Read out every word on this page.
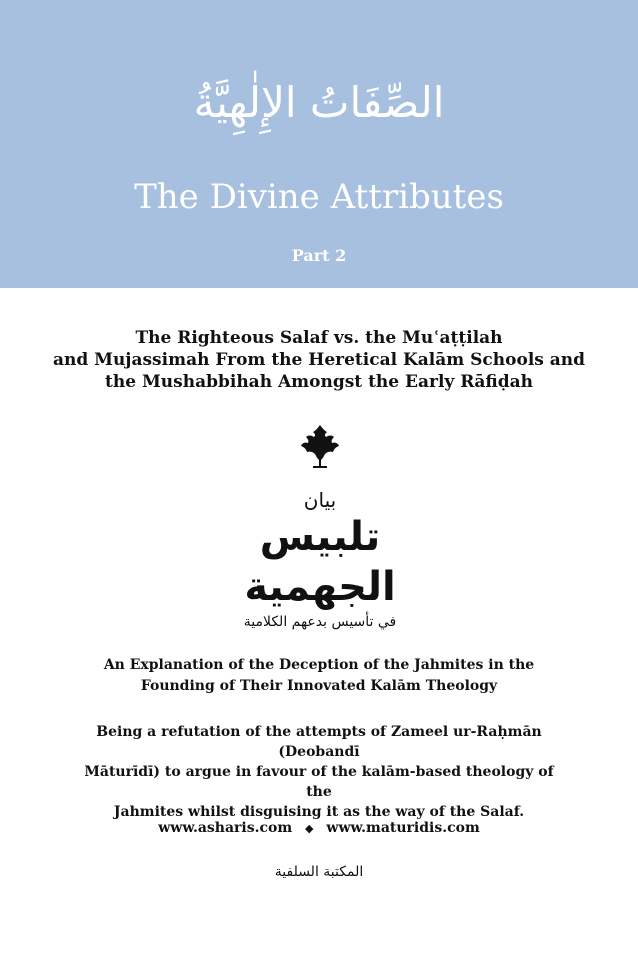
الصِّفَاتُ الإِلٰهِيَّةُ
The Divine Attributes
Part 2
The Righteous Salaf vs. the Muʿaṭṭilah
and Mujassimah From the Heretical Kalām Schools and
the Mushabbihah Amongst the Early Rāfiḍah
بيان
تلبيس الجهمية
في تأسيس بدعهم الكلامية
An Explanation of the Deception of the Jahmites in the
Founding of Their Innovated Kalām Theology
Being a refutation of the attempts of Zameel ur-Raḥmān (Deobandī
Māturīdī) to argue in favour of the kalām-based theology of the
Jahmites whilst disguising it as the way of the Salaf.
www.asharis.com ◆ www.maturidis.com
المكتبة السلفية
